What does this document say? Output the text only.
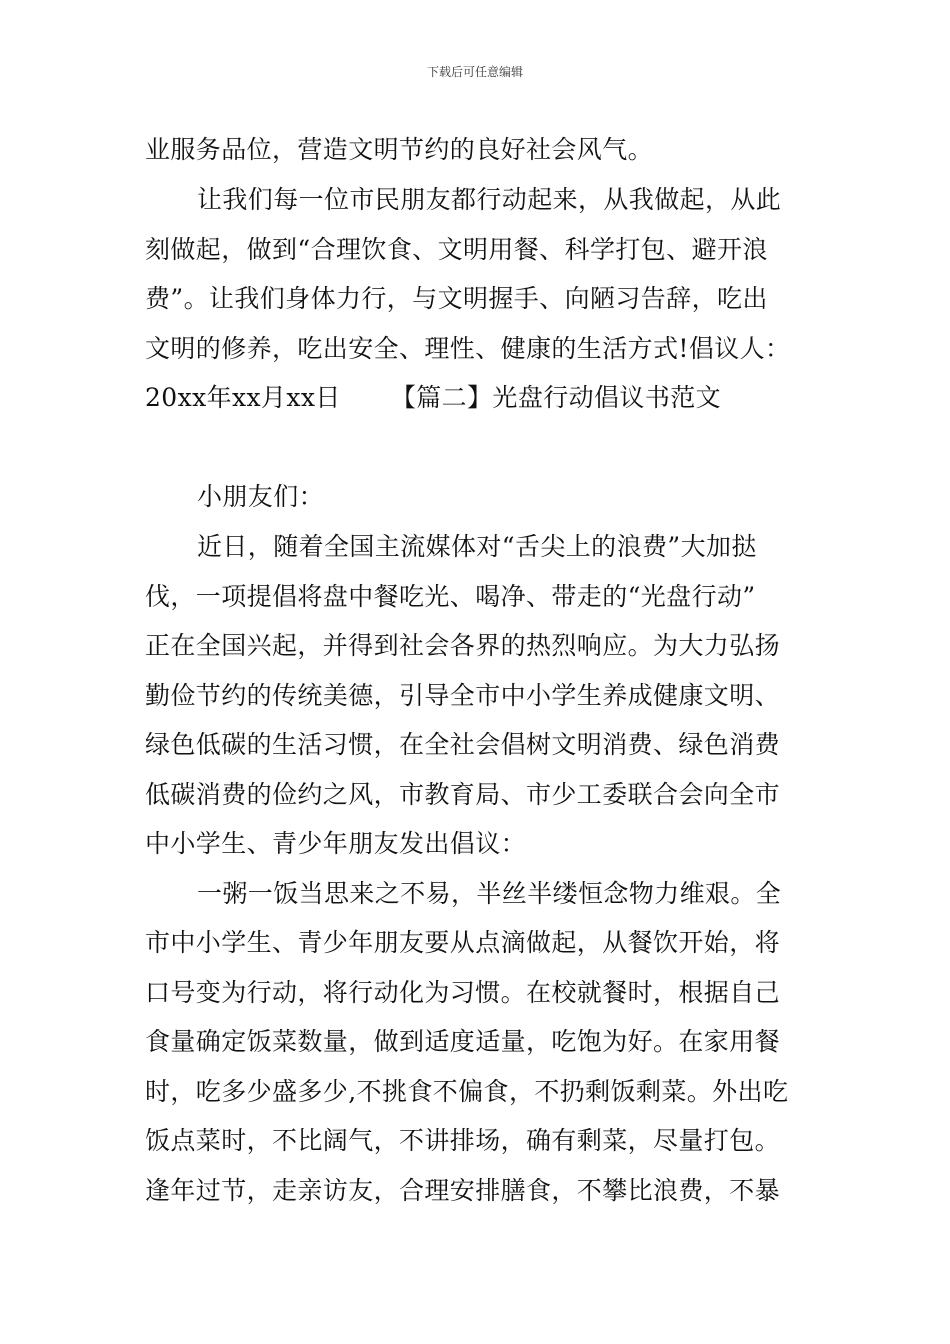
下载后可任意编辑
业服务品位，营造文明节约的良好社会风气。
让我们每一位市民朋友都行动起来，从我做起，从此
刻做起，做到“合理饮食、文明用餐、科学打包、避开浪
费”。让我们身体力行，与文明握手、向陋习告辞，吃出
文明的修养，吃出安全、理性、健康的生活方式!倡议人：
20xx年xx月xx日 【篇二】光盘行动倡议书范文
小朋友们：
近日，随着全国主流媒体对“舌尖上的浪费”大加挞
伐，一项提倡将盘中餐吃光、喝净、带走的“光盘行动”
正在全国兴起，并得到社会各界的热烈响应。为大力弘扬
勤俭节约的传统美德，引导全市中小学生养成健康文明、
绿色低碳的生活习惯，在全社会倡树文明消费、绿色消费
低碳消费的俭约之风，市教育局、市少工委联合会向全市
中小学生、青少年朋友发出倡议：
一粥一饭当思来之不易，半丝半缕恒念物力维艰。全
市中小学生、青少年朋友要从点滴做起，从餐饮开始，将
口号变为行动，将行动化为习惯。在校就餐时，根据自己
食量确定饭菜数量，做到适度适量，吃饱为好。在家用餐
时，吃多少盛多少,不挑食不偏食，不扔剩饭剩菜。外出吃
饭点菜时，不比阔气，不讲排场，确有剩菜，尽量打包。
逢年过节，走亲访友，合理安排膳食，不攀比浪费，不暴
